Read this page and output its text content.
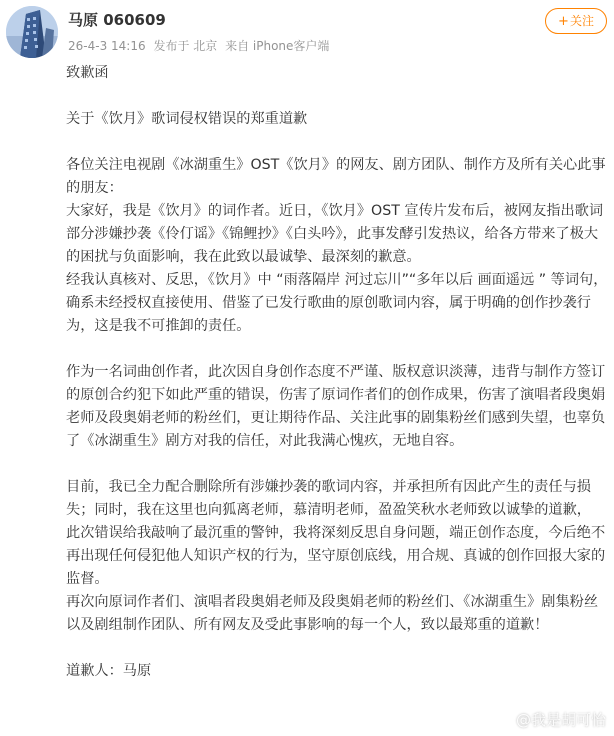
马原 060609
26-4-3 14:16 发布于 北京 来自 iPhone客户端
+关注

致歉函

关于《饮月》歌词侵权错误的郑重道歉

各位关注电视剧《冰湖重生》OST《饮月》的网友、剧方团队、制作方及所有关心此事的朋友：

大家好，我是《饮月》的词作者。近日，《饮月》OST 宣传片发布后，被网友指出歌词部分涉嫌抄袭《伶仃谣》《锦鲤抄》《白头吟》，此事发酵引发热议，给各方带来了极大的困扰与负面影响，我在此致以最诚挚、最深刻的歉意。

经我认真核对、反思，《饮月》中 “雨落隔岸 河过忘川”“多年以后 画面遥远 ” 等词句，确系未经授权直接使用、借鉴了已发行歌曲的原创歌词内容，属于明确的创作抄袭行为，这是我不可推卸的责任。

作为一名词曲创作者，此次因自身创作态度不严谨、版权意识淡薄，违背与制作方签订的原创合约犯下如此严重的错误，伤害了原词作者们的创作成果，伤害了演唱者段奥娟老师及段奥娟老师的粉丝们，更让期待作品、关注此事的剧集粉丝们感到失望，也辜负了《冰湖重生》剧方对我的信任，对此我满心愧疚，无地自容。

目前，我已全力配合删除所有涉嫌抄袭的歌词内容，并承担所有因此产生的责任与损失；同时，我在这里也向狐离老师，慕清明老师，盈盈笑秋水老师致以诚挚的道歉，

此次错误给我敲响了最沉重的警钟，我将深刻反思自身问题，端正创作态度，今后绝不再出现任何侵犯他人知识产权的行为，坚守原创底线，用合规、真诚的创作回报大家的监督。

再次向原词作者们、演唱者段奥娟老师及段奥娟老师的粉丝们、《冰湖重生》剧集粉丝以及剧组制作团队、所有网友及受此事影响的每一个人，致以最郑重的道歉！

道歉人：马原

@我是胡可怡
